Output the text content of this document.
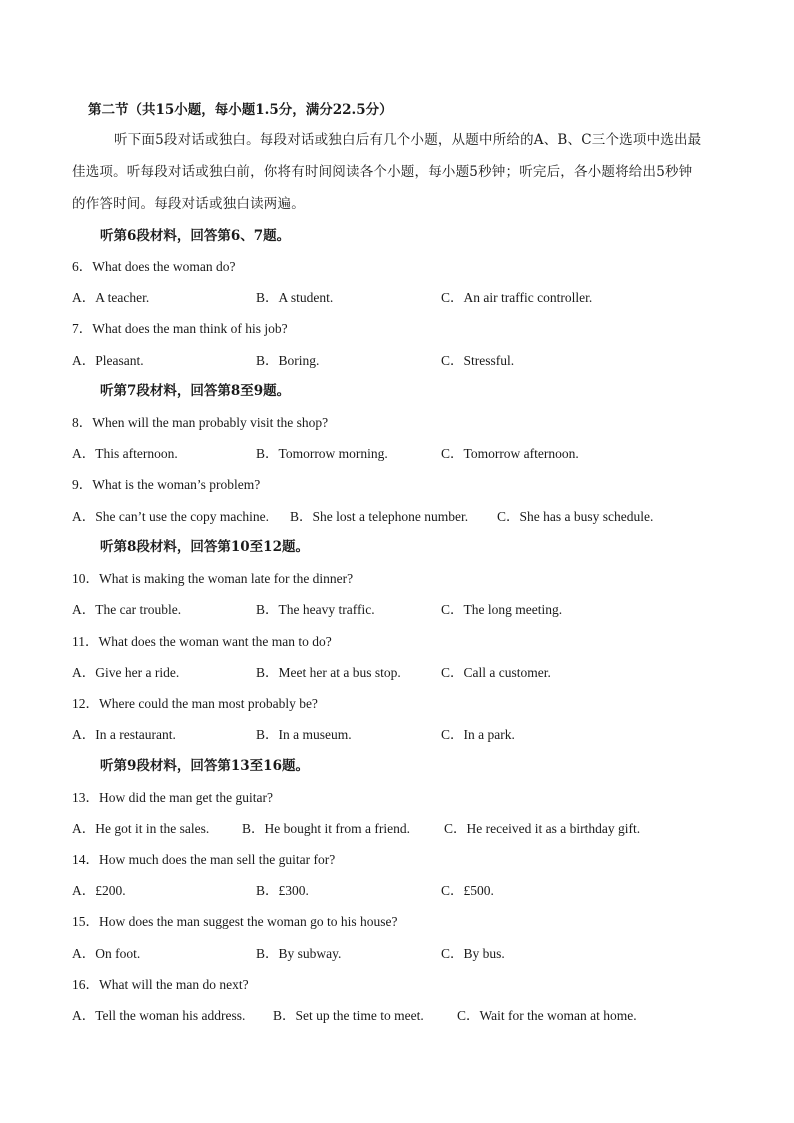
第二节（共15小题，每小题1.5分，满分22.5分）
听下面5段对话或独白。每段对话或独白后有几个小题，从题中所给的A、B、C三个选项中选出最
佳选项。听每段对话或独白前，你将有时间阅读各个小题，每小题5秒钟；听完后，各小题将给出5秒钟
的作答时间。每段对话或独白读两遍。
听第6段材料，回答第6、7题。
6．What does the woman do?
A．A teacher.	B．A student.	C．An air traffic controller.
7．What does the man think of his job?
A．Pleasant.	B．Boring.	C．Stressful.
听第7段材料，回答第8至9题。
8．When will the man probably visit the shop?
A．This afternoon.	B．Tomorrow morning.	C．Tomorrow afternoon.
9．What is the woman’s problem?
A．She can’t use the copy machine. B．She lost a telephone number. C．She has a busy schedule.
听第8段材料，回答第10至12题。
10．What is making the woman late for the dinner?
A．The car trouble.	B．The heavy traffic.	C．The long meeting.
11．What does the woman want the man to do?
A．Give her a ride.	B．Meet her at a bus stop.	C．Call a customer.
12．Where could the man most probably be?
A．In a restaurant.	B．In a museum.	C．In a park.
听第9段材料，回答第13至16题。
13．How did the man get the guitar?
A．He got it in the sales. B．He bought it from a friend.	C．He received it as a birthday gift.
14．How much does the man sell the guitar for?
A．£200.	B．£300.	C．£500.
15．How does the man suggest the woman go to his house?
A．On foot.	B．By subway.	C．By bus.
16．What will the man do next?
A．Tell the woman his address. B．Set up the time to meet. C．Wait for the woman at home.
